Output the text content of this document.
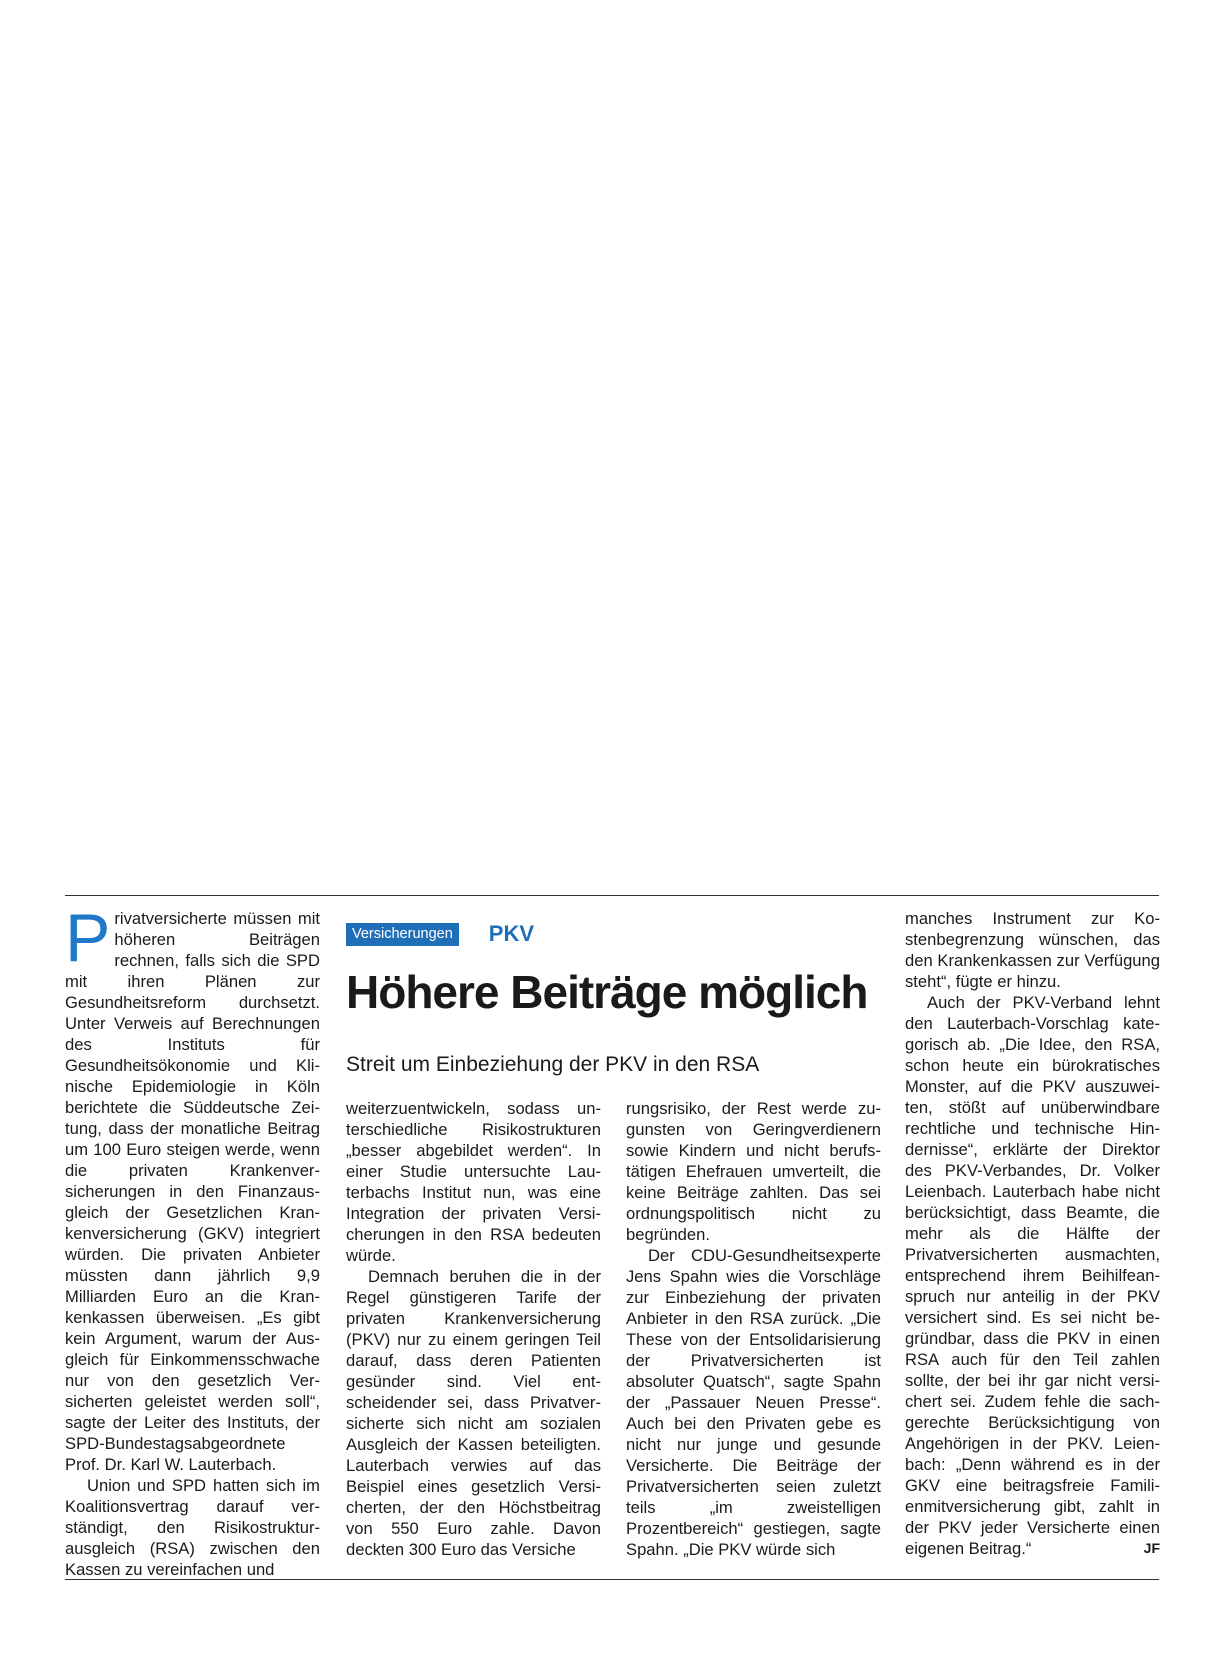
Versicherungen PKV
Höhere Beiträge möglich
Streit um Einbeziehung der PKV in den RSA

Privatversicherte müssen mit höheren Beiträgen rechnen, falls sich die SPD mit ihren Plänen zur Gesundheitsreform durchsetzt. Unter Verweis auf Berechnungen des Instituts für Gesundheitsökonomie und Klinische Epidemiologie in Köln berichtete die Süddeutsche Zeitung, dass der monatliche Beitrag um 100 Euro steigen werde, wenn die privaten Krankenversicherungen in den Finanzausgleich der Gesetzlichen Krankenversicherung (GKV) integriert würden. Die privaten Anbieter müssten dann jährlich 9,9 Milliarden Euro an die Krankenkassen überweisen. „Es gibt kein Argument, warum der Ausgleich für Einkommensschwache nur von den gesetzlich Versicherten geleistet werden soll“, sagte der Leiter des Instituts, der SPD-Bundestagsabgeordnete Prof. Dr. Karl W. Lauterbach.

Union und SPD hatten sich im Koalitionsvertrag darauf verständigt, den Risikostrukturausgleich (RSA) zwischen den Kassen zu vereinfachen und

weiterzuentwickeln, sodass unterschiedliche Risikostrukturen „besser abgebildet werden“. In einer Studie untersuchte Lauterbachs Institut nun, was eine Integration der privaten Versicherungen in den RSA bedeuten würde.

Demnach beruhen die in der Regel günstigeren Tarife der privaten Krankenversicherung (PKV) nur zu einem geringen Teil darauf, dass deren Patienten gesünder sind. Viel entscheidender sei, dass Privatversicherte sich nicht am sozialen Ausgleich der Kassen beteiligten. Lauterbach verwies auf das Beispiel eines gesetzlich Versicherten, der den Höchstbeitrag von 550 Euro zahle. Davon deckten 300 Euro das Versiche

rungsrisiko, der Rest werde zugunsten von Geringverdienern sowie Kindern und nicht berufstätigen Ehefrauen umverteilt, die keine Beiträge zahlten. Das sei ordnungspolitisch nicht zu begründen.

Der CDU-Gesundheitsexperte Jens Spahn wies die Vorschläge zur Einbeziehung der privaten Anbieter in den RSA zurück. „Die These von der Entsolidarisierung der Privatversicherten ist absoluter Quatsch“, sagte Spahn der „Passauer Neuen Presse“. Auch bei den Privaten gebe es nicht nur junge und gesunde Versicherte. Die Beiträge der Privatversicherten seien zuletzt teils „im zweistelligen Prozentbereich“ gestiegen, sagte Spahn. „Die PKV würde sich

manches Instrument zur Kostenbegrenzung wünschen, das den Krankenkassen zur Verfügung steht“, fügte er hinzu.

Auch der PKV-Verband lehnt den Lauterbach-Vorschlag kategorisch ab. „Die Idee, den RSA, schon heute ein bürokratisches Monster, auf die PKV auszuweiten, stößt auf unüberwindbare rechtliche und technische Hindernisse“, erklärte der Direktor des PKV-Verbandes, Dr. Volker Leienbach. Lauterbach habe nicht berücksichtigt, dass Beamte, die mehr als die Hälfte der Privatversicherten ausmachten, entsprechend ihrem Beihilfeanspruch nur anteilig in der PKV versichert sind. Es sei nicht begründbar, dass die PKV in einen RSA auch für den Teil zahlen sollte, der bei ihr gar nicht versichert sei. Zudem fehle die sachgerechte Berücksichtigung von Angehörigen in der PKV. Leienbach: „Denn während es in der GKV eine beitragsfreie Familienmitversicherung gibt, zahlt in der PKV jeder Versicherte einen eigenen Beitrag.“	JF
